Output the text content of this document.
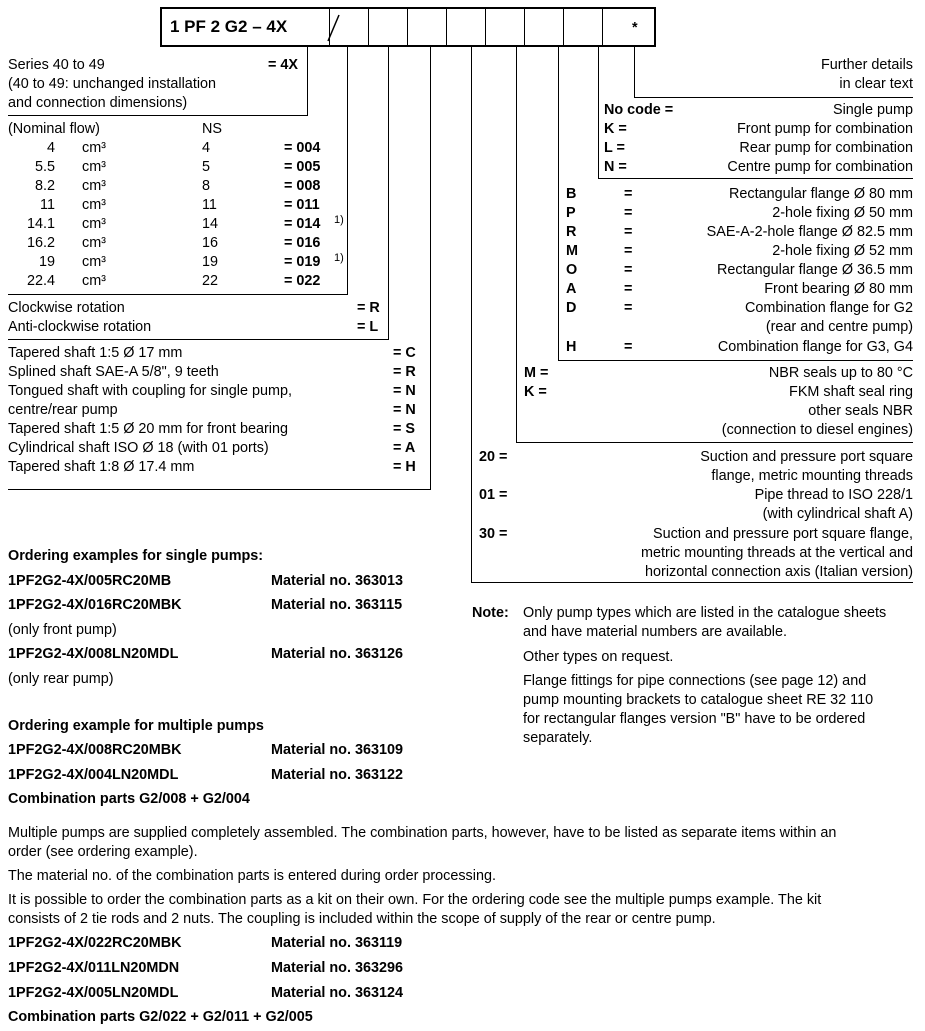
1 PF 2 G2 – 4X	*
Series 40 to 49
(40 to 49: unchanged installation
and connection dimensions)
= 4X
(Nominal flow)	NS
4 cm³	4	= 004
5.5 cm³	5	= 005
8.2 cm³	8	= 008
11 cm³	11	= 011
14.1 cm³	14	= 014 1)
16.2 cm³	16	= 016
19 cm³	19	= 019 1)
22.4 cm³	22	= 022
Clockwise rotation	= R
Anti-clockwise rotation	= L
Tapered shaft 1:5 Ø 17 mm	= C
Splined shaft SAE-A 5/8", 9 teeth	= R
Tongued shaft with coupling for single pump,	= N
centre/rear pump	= N
Tapered shaft 1:5 Ø 20 mm for front bearing	= S
Cylindrical shaft ISO Ø 18 (with 01 ports)	= A
Tapered shaft 1:8 Ø 17.4 mm	= H
Further details
in clear text
No code =	Single pump
K =	Front pump for combination
L =	Rear pump for combination
N =	Centre pump for combination
B	=	Rectangular flange Ø 80 mm
P	=	2-hole fixing Ø 50 mm
R	=	SAE-A-2-hole flange Ø 82.5 mm
M	=	2-hole fixing Ø 52 mm
O	=	Rectangular flange Ø 36.5 mm
A	=	Front bearing Ø 80 mm
D	=	Combination flange for G2
(rear and centre pump)
H	=	Combination flange for G3, G4
M =	NBR seals up to 80 °C
K =	FKM shaft seal ring
other seals NBR
(connection to diesel engines)
20 =	Suction and pressure port square
flange, metric mounting threads
01 =	Pipe thread to ISO 228/1
(with cylindrical shaft A)
30 =	Suction and pressure port square flange,
metric mounting threads at the vertical and
horizontal connection axis (Italian version)
Ordering examples for single pumps:
1PF2G2-4X/005RC20MB	Material no. 363013
1PF2G2-4X/016RC20MBK	Material no. 363115
(only front pump)
1PF2G2-4X/008LN20MDL	Material no. 363126
(only rear pump)
Ordering example for multiple pumps
1PF2G2-4X/008RC20MBK	Material no. 363109
1PF2G2-4X/004LN20MDL	Material no. 363122
Combination parts G2/008 + G2/004
Note: Only pump types which are listed in the catalogue sheets
and have material numbers are available.
Other types on request.
Flange fittings for pipe connections (see page 12) and
pump mounting brackets to catalogue sheet RE 32 110
for rectangular flanges version "B" have to be ordered
separately.
Multiple pumps are supplied completely assembled. The combination parts, however, have to be listed as separate items within an
order (see ordering example).
The material no. of the combination parts is entered during order processing.
It is possible to order the combination parts as a kit on their own. For the ordering code see the multiple pumps example. The kit
consists of 2 tie rods and 2 nuts. The coupling is included within the scope of supply of the rear or centre pump.
1PF2G2-4X/022RC20MBK	Material no. 363119
1PF2G2-4X/011LN20MDN	Material no. 363296
1PF2G2-4X/005LN20MDL	Material no. 363124
Combination parts G2/022 + G2/011 + G2/005
